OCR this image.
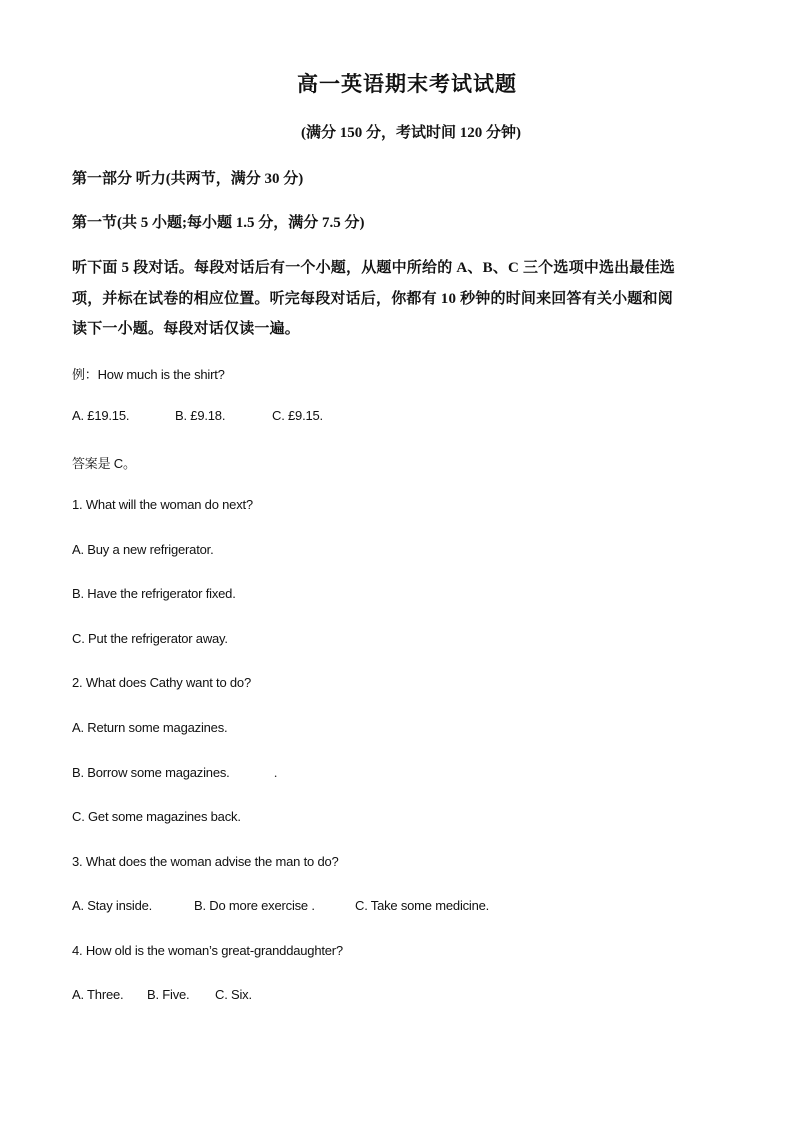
高一英语期末考试试题
(满分 150 分，考试时间 120 分钟)
第一部分 听力(共两节，满分 30 分)
第一节(共 5 小题;每小题 1.5 分，满分 7.5 分)
听下面 5 段对话。每段对话后有一个小题，从题中所给的 A、B、C 三个选项中选出最佳选
项，并标在试卷的相应位置。听完每段对话后，你都有 10 秒钟的时间来回答有关小题和阅
读下一小题。每段对话仅读一遍。
例：How much is the shirt?
A. £19.15.	B. £9.18.	C. £9.15.
答案是 C。
1. What will the woman do next?
A. Buy a new refrigerator.
B. Have the refrigerator fixed.
C. Put the refrigerator away.
2. What does Cathy want to do?
A. Return some magazines.
B. Borrow some magazines.	.
C. Get some magazines back.
3. What does the woman advise the man to do?
A. Stay inside.	B. Do more exercise .	C. Take some medicine.
4. How old is the woman’s great-granddaughter?
A. Three. B. Five. C. Six.
